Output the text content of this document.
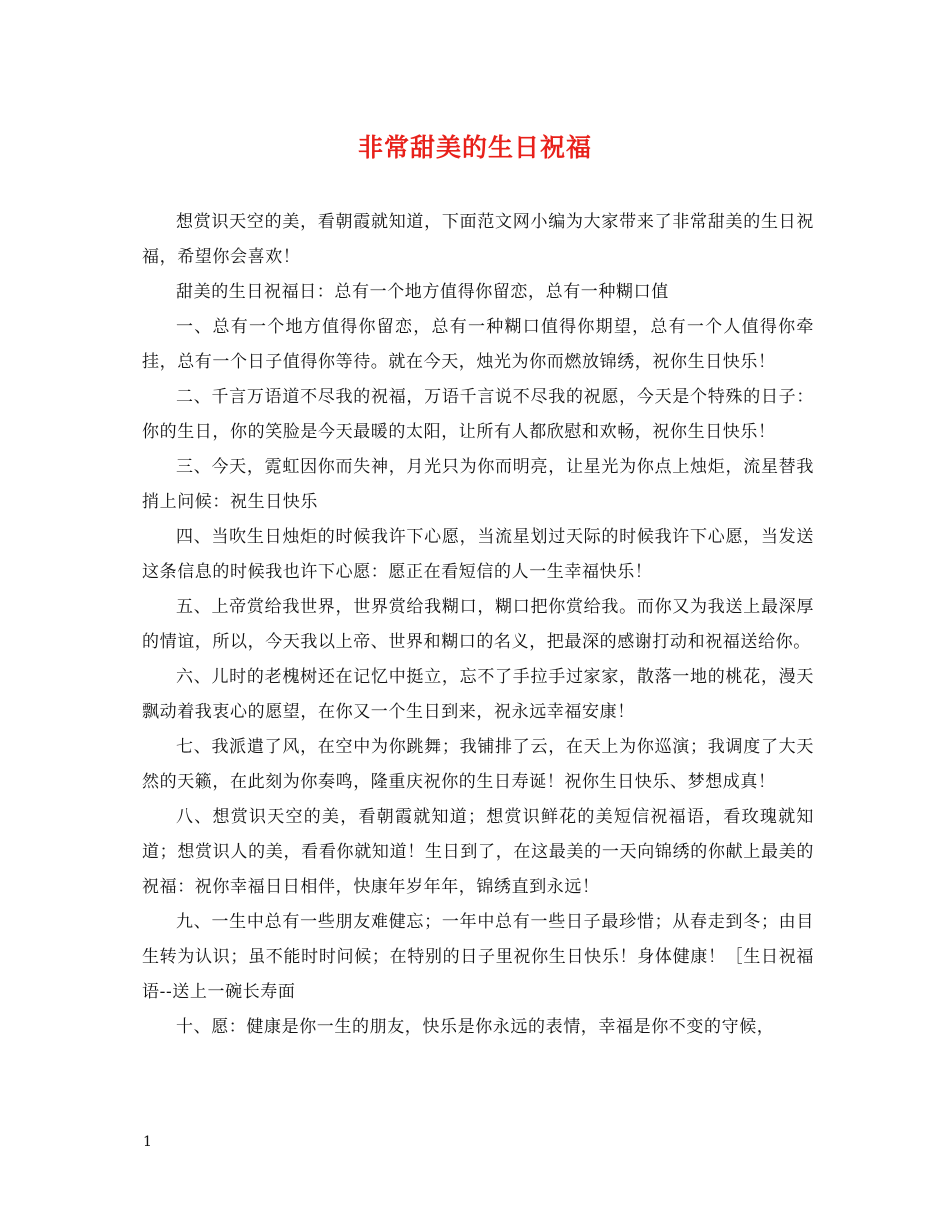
非常甜美的生日祝福

想赏识天空的美，看朝霞就知道，下面范文网小编为大家带来了非常甜美的生日祝福，希望你会喜欢！

甜美的生日祝福日：总有一个地方值得你留恋，总有一种糊口值

一、总有一个地方值得你留恋，总有一种糊口值得你期望，总有一个人值得你牵挂，总有一个日子值得你等待。就在今天，烛光为你而燃放锦绣，祝你生日快乐！

二、千言万语道不尽我的祝福，万语千言说不尽我的祝愿，今天是个特殊的日子：你的生日，你的笑脸是今天最暖的太阳，让所有人都欣慰和欢畅，祝你生日快乐！

三、今天，霓虹因你而失神，月光只为你而明亮，让星光为你点上烛炬，流星替我捎上问候：祝生日快乐

四、当吹生日烛炬的时候我许下心愿，当流星划过天际的时候我许下心愿，当发送这条信息的时候我也许下心愿：愿正在看短信的人一生幸福快乐！

五、上帝赏给我世界，世界赏给我糊口，糊口把你赏给我。而你又为我送上最深厚的情谊，所以，今天我以上帝、世界和糊口的名义，把最深的感谢打动和祝福送给你。

六、儿时的老槐树还在记忆中挺立，忘不了手拉手过家家，散落一地的桃花，漫天飘动着我衷心的愿望，在你又一个生日到来，祝永远幸福安康！

七、我派遣了风，在空中为你跳舞；我铺排了云，在天上为你巡演；我调度了大天然的天籁，在此刻为你奏鸣，隆重庆祝你的生日寿诞！祝你生日快乐、梦想成真！

八、想赏识天空的美，看朝霞就知道；想赏识鲜花的美短信祝福语，看玫瑰就知道；想赏识人的美，看看你就知道！生日到了，在这最美的一天向锦绣的你献上最美的祝福：祝你幸福日日相伴，快康年岁年年，锦绣直到永远！

九、一生中总有一些朋友难健忘；一年中总有一些日子最珍惜；从春走到冬；由目生转为认识；虽不能时时问候；在特别的日子里祝你生日快乐！身体健康！［生日祝福语--送上一碗长寿面

十、愿：健康是你一生的朋友，快乐是你永远的表情，幸福是你不变的守候，

1
